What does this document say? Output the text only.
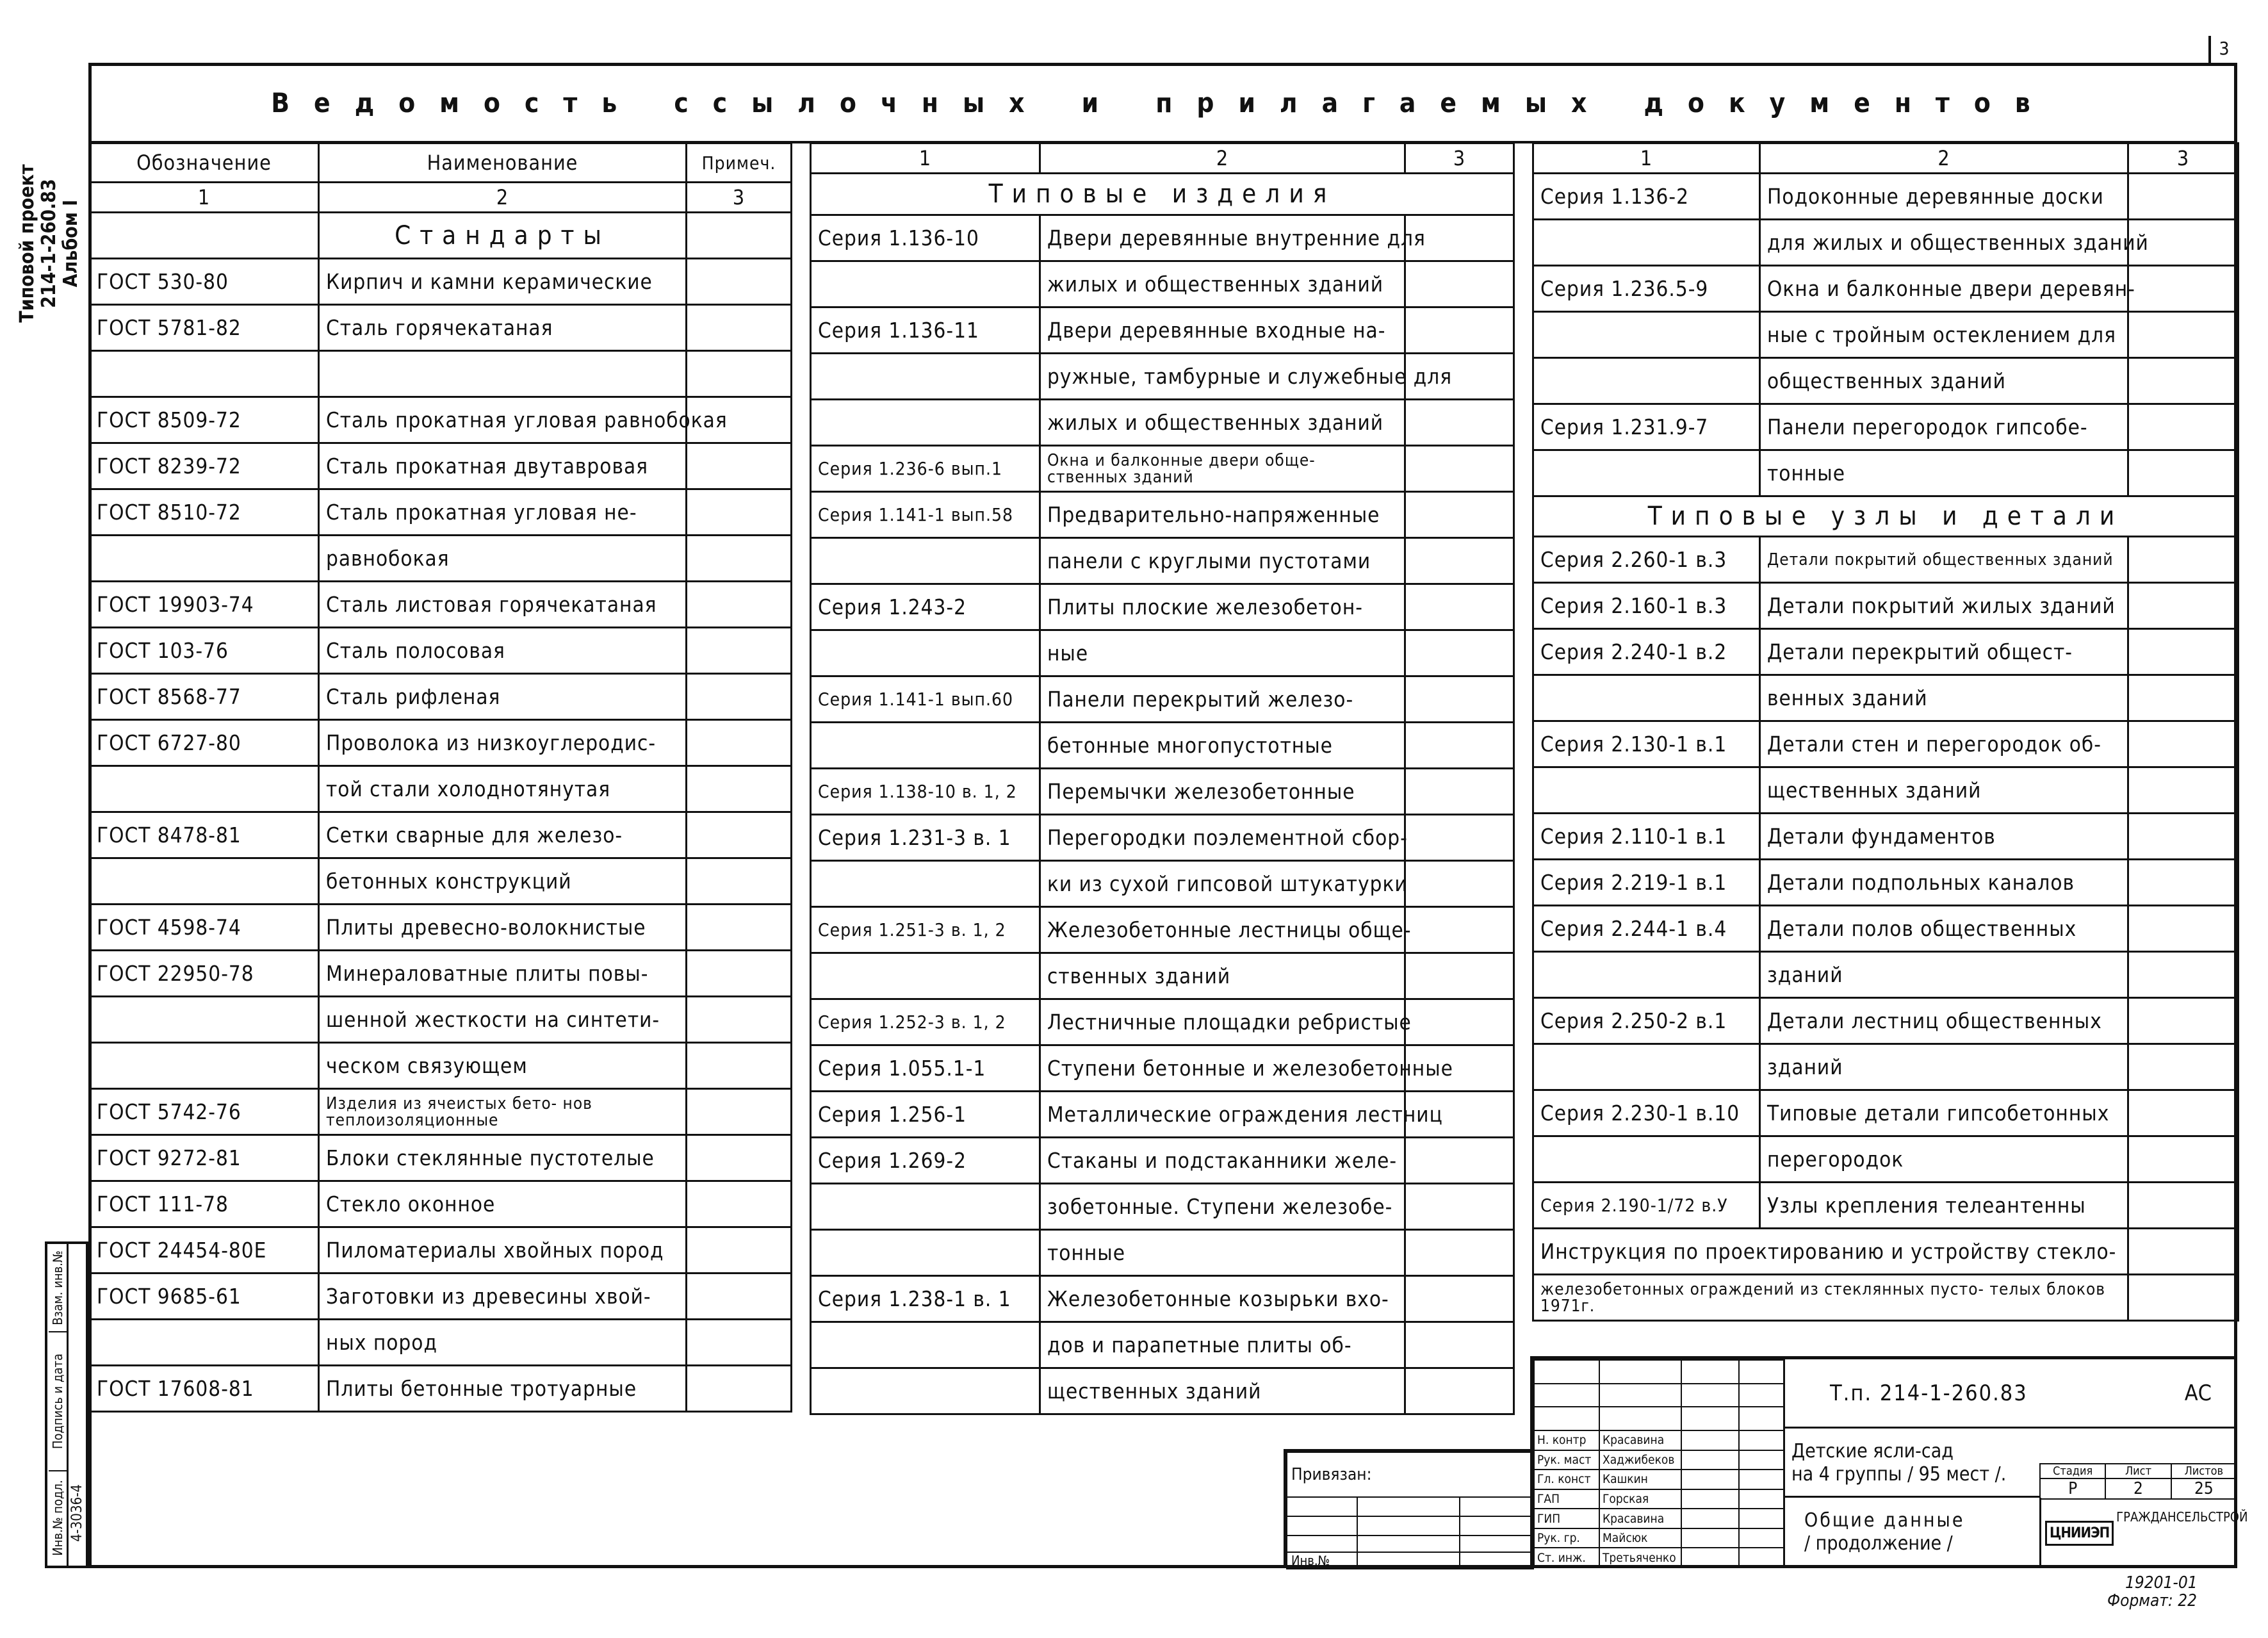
3
Ведомость ссылочных и прилагаемых документов
Типовой проект 214-1-260.83 Альбом I
Инв.№ подл.
Подпись и дата
Взам. инв.№
4-3036-4
Обозначение	Наименование	Примеч.
1	2	3
	Стандарты	
ГОСТ 530-80	Кирпич и камни керамические	
ГОСТ 5781-82	Сталь горячекатаная	

ГОСТ 8509-72	Сталь прокатная угловая равнобокая	
ГОСТ 8239-72	Сталь прокатная двутавровая	
ГОСТ 8510-72	Сталь прокатная угловая не-	
	равнобокая	
ГОСТ 19903-74	Сталь листовая горячекатаная	
ГОСТ 103-76	Сталь полосовая	
ГОСТ 8568-77	Сталь рифленая	
ГОСТ 6727-80	Проволока из низкоуглеродис-	
	той стали холоднотянутая	
ГОСТ 8478-81	Сетки сварные для железо-	
	бетонных конструкций	
ГОСТ 4598-74	Плиты древесно-волокнистые	
ГОСТ 22950-78	Минераловатные плиты повы-	
	шенной жесткости на синтети-	
	ческом связующем	
ГОСТ 5742-76	Изделия из ячеистых бето- нов теплоизоляционные	
ГОСТ 9272-81	Блоки стеклянные пустотелые	
ГОСТ 111-78	Стекло оконное	
ГОСТ 24454-80Е	Пиломатериалы хвойных пород	
ГОСТ 9685-61	Заготовки из древесины хвой-	
	ных пород	
ГОСТ 17608-81	Плиты бетонные тротуарные	
1	2	3
Типовые изделия		
Серия 1.136-10	Двери деревянные внутренние для	
	жилых и общественных зданий	
Серия 1.136-11	Двери деревянные входные на-	
	ружные, тамбурные и служебные для	
	жилых и общественных зданий	
Серия 1.236-6 вып.1	Окна и балконные двери обще- ственных зданий	
Серия 1.141-1 вып.58	Предварительно-напряженные	
	панели с круглыми пустотами	
Серия 1.243-2	Плиты плоские железобетон-	
	ные	
Серия 1.141-1 вып.60	Панели перекрытий железо-	
	бетонные многопустотные	
Серия 1.138-10 в. 1, 2	Перемычки железобетонные	
Серия 1.231-3 в. 1	Перегородки поэлементной сбор-	
	ки из сухой гипсовой штукатурки	
Серия 1.251-3 в. 1, 2	Железобетонные лестницы обще-	
	ственных зданий	
Серия 1.252-3 в. 1, 2	Лестничные площадки ребристые	
Серия 1.055.1-1	Ступени бетонные и железобетонные	
Серия 1.256-1	Металлические ограждения лестниц	
Серия 1.269-2	Стаканы и подстаканники желе-	
	зобетонные. Ступени железобе-	
	тонные	
Серия 1.238-1 в. 1	Железобетонные козырьки вхо-	
	дов и парапетные плиты об-	
	щественных зданий	
1	2	3
Серия 1.136-2	Подоконные деревянные доски	
	для жилых и общественных зданий	
Серия 1.236.5-9	Окна и балконные двери деревян-	
	ные с тройным остеклением для	
	общественных зданий	
Серия 1.231.9-7	Панели перегородок гипсобе-	
	тонные	
Типовые узлы и детали		
Серия 2.260-1 в.3	Детали покрытий общественных зданий	
Серия 2.160-1 в.3	Детали покрытий жилых зданий	
Серия 2.240-1 в.2	Детали перекрытий общест-	
	венных зданий	
Серия 2.130-1 в.1	Детали стен и перегородок об-	
	щественных зданий	
Серия 2.110-1 в.1	Детали фундаментов	
Серия 2.219-1 в.1	Детали подпольных каналов	
Серия 2.244-1 в.4	Детали полов общественных	
	зданий	
Серия 2.250-2 в.1	Детали лестниц общественных	
	зданий	
Серия 2.230-1 в.10	Типовые детали гипсобетонных	
	перегородок	
Серия 2.190-1/72 в.У	Узлы крепления телеантенны	
Инструкция по проектированию и устройству стекло-		
железобетонных ограждений из стеклянных пусто- телых блоков 1971г.		
Привязан:		

Инв.№		

Н. контр	Красавина		
Рук. маст	Хаджибеков		
Гл. конст	Кашкин		
ГАП	Горская		
ГИП	Красавина		
Рук. гр.	Майсюк		
Ст. инж.	Третьяченко		
Т.п. 214-1-260.83	АС
Детские ясли-сад
на 4 группы / 95 мест /.	Стадия	Лист	Листов
Р	2	25
Общие данные
/ продолжение /	ЦНИИЭП
ГРАЖДАНСЕЛЬСТРОЙ
19201-01
Формат: 22
